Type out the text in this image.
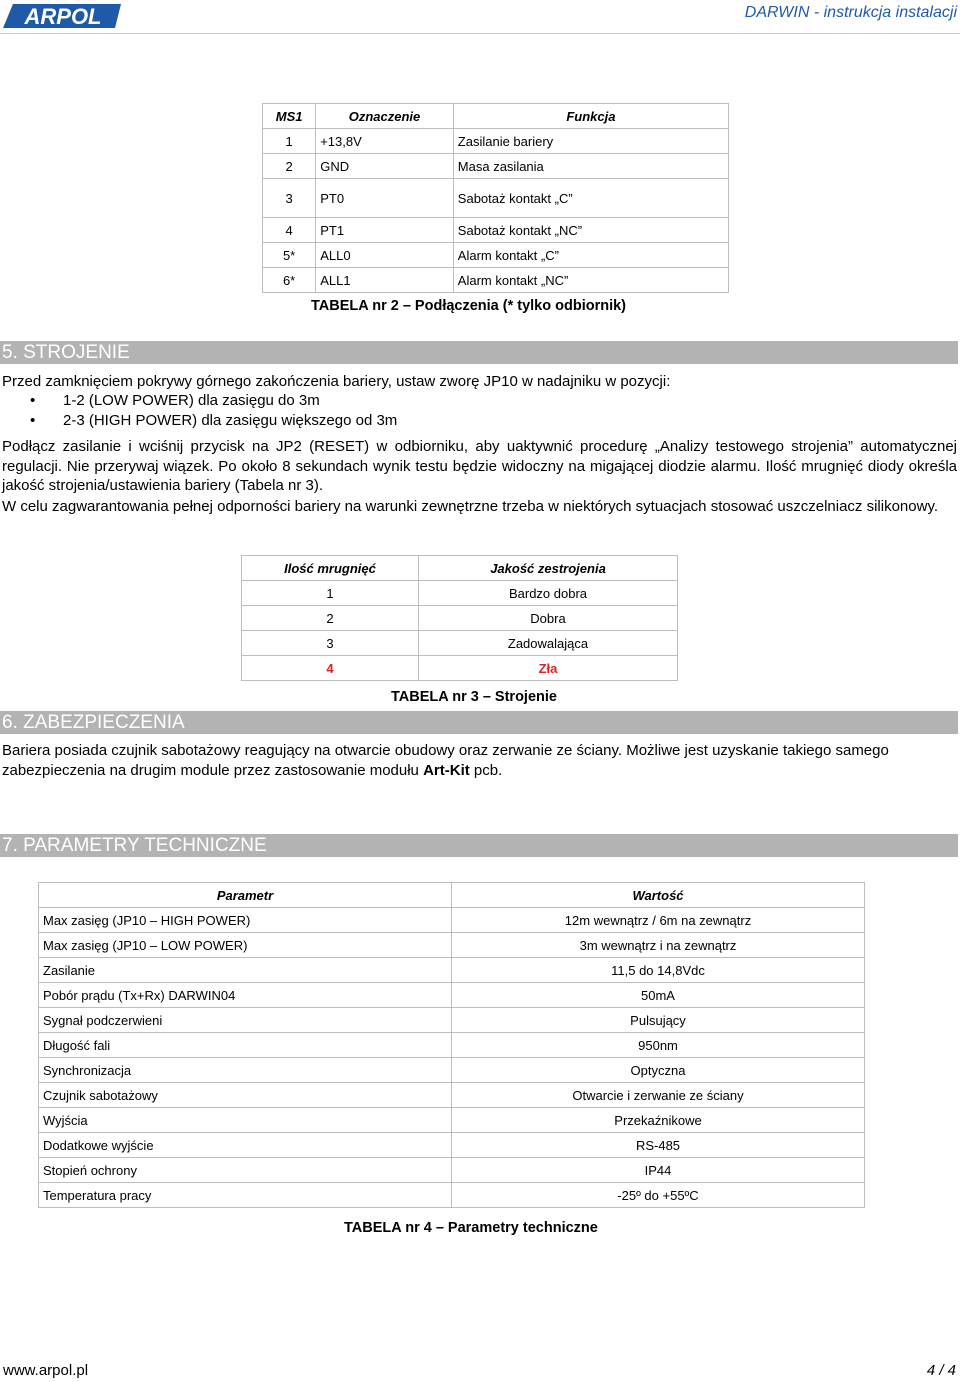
ARPOL	DARWIN - instrukcja instalacji
MS1	Oznaczenie	Funkcja
1	+13,8V	Zasilanie bariery
2	GND	Masa zasilania
3	PT0	Sabotaż kontakt „C”
4	PT1	Sabotaż kontakt „NC”
5*	ALL0	Alarm kontakt „C”
6*	ALL1	Alarm kontakt „NC”
TABELA nr 2 – Podłączenia (* tylko odbiornik)
5. STROJENIE
Przed zamknięciem pokrywy górnego zakończenia bariery, ustaw zworę JP10 w nadajniku w pozycji:
• 1-2 (LOW POWER) dla zasięgu do 3m
• 2-3 (HIGH POWER) dla zasięgu większego od 3m
Podłącz zasilanie i wciśnij przycisk na JP2 (RESET) w odbiorniku, aby uaktywnić procedurę „Analizy testowego strojenia” automatycznej regulacji. Nie przerywaj wiązek. Po około 8 sekundach wynik testu będzie widoczny na migającej diodzie alarmu. Ilość mrugnięć diody określa jakość strojenia/ustawienia bariery (Tabela nr 3).
W celu zagwarantowania pełnej odporności bariery na warunki zewnętrzne trzeba w niektórych sytuacjach stosować uszczelniacz silikonowy.
Ilość mrugnięć	Jakość zestrojenia
1	Bardzo dobra
2	Dobra
3	Zadowalająca
4	Zła
TABELA nr 3 – Strojenie
6. ZABEZPIECZENIA
Bariera posiada czujnik sabotażowy reagujący na otwarcie obudowy oraz zerwanie ze ściany. Możliwe jest uzyskanie takiego samego zabezpieczenia na drugim module przez zastosowanie modułu Art-Kit pcb.
7. PARAMETRY TECHNICZNE
Parametr	Wartość
Max zasięg (JP10 – HIGH POWER)	12m wewnątrz / 6m na zewnątrz
Max zasięg (JP10 – LOW POWER)	3m wewnątrz i na zewnątrz
Zasilanie	11,5 do 14,8Vdc
Pobór prądu (Tx+Rx) DARWIN04	50mA
Sygnał podczerwieni	Pulsujący
Długość fali	950nm
Synchronizacja	Optyczna
Czujnik sabotażowy	Otwarcie i zerwanie ze ściany
Wyjścia	Przekaźnikowe
Dodatkowe wyjście	RS-485
Stopień ochrony	IP44
Temperatura pracy	-25º do +55ºC
TABELA nr 4 – Parametry techniczne
www.arpol.pl	4 / 4
